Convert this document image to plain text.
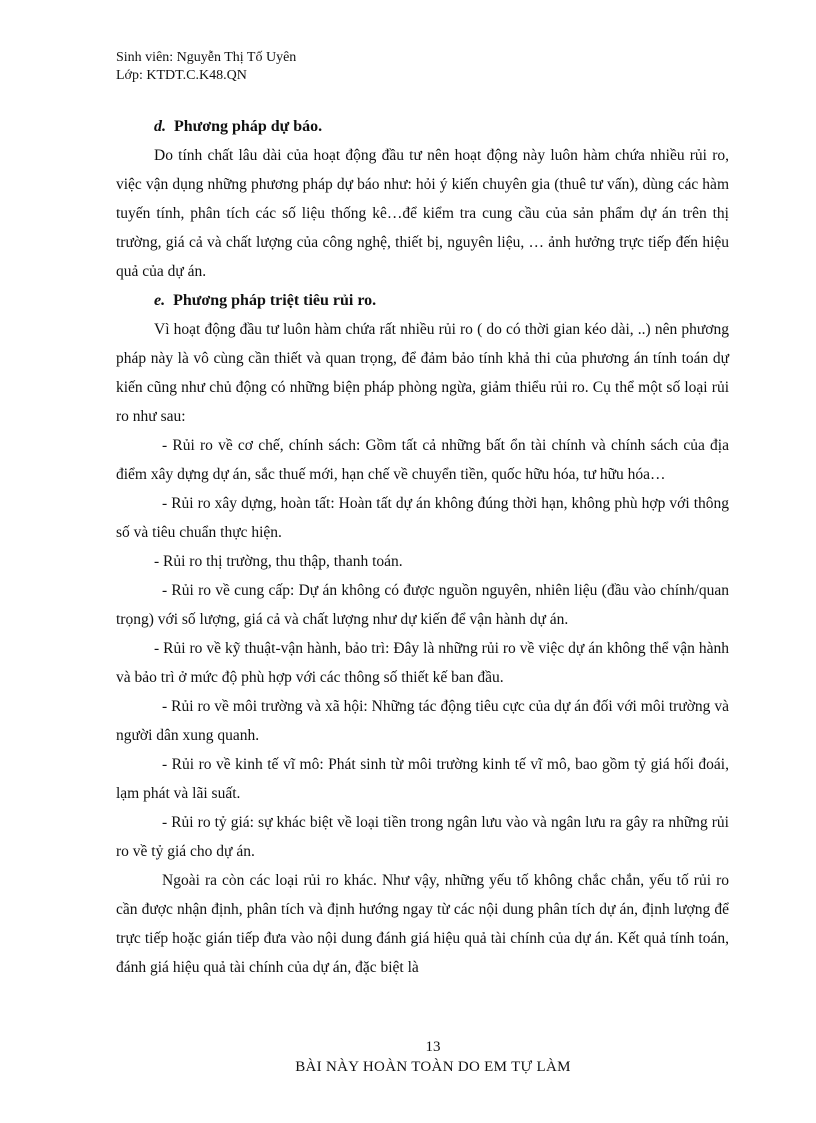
Sinh viên: Nguyễn Thị Tố Uyên
Lớp: KTDT.C.K48.QN
d. Phương pháp dự báo.

Do tính chất lâu dài của hoạt động đầu tư nên hoạt động này luôn hàm chứa nhiều rủi ro, việc vận dụng những phương pháp dự báo như: hỏi ý kiến chuyên gia (thuê tư vấn), dùng các hàm tuyến tính, phân tích các số liệu thống kê…để kiểm tra cung cầu của sản phẩm dự án trên thị trường, giá cả và chất lượng của công nghệ, thiết bị, nguyên liệu, … ảnh hưởng trực tiếp đến hiệu quả của dự án.

e. Phương pháp triệt tiêu rủi ro.

Vì hoạt động đầu tư luôn hàm chứa rất nhiều rủi ro ( do có thời gian kéo dài, ..) nên phương pháp này là vô cùng cần thiết và quan trọng, để đảm bảo tính khả thi của phương án tính toán dự kiến cũng như chủ động có những biện pháp phòng ngừa, giảm thiểu rủi ro. Cụ thể một số loại rủi ro như sau:

- Rủi ro về cơ chế, chính sách: Gồm tất cả những bất ổn tài chính và chính sách của địa điểm xây dựng dự án, sắc thuế mới, hạn chế về chuyển tiền, quốc hữu hóa, tư hữu hóa…

- Rủi ro xây dựng, hoàn tất: Hoàn tất dự án không đúng thời hạn, không phù hợp với thông số và tiêu chuẩn thực hiện.

- Rủi ro thị trường, thu thập, thanh toán.

- Rủi ro về cung cấp: Dự án không có được nguồn nguyên, nhiên liệu (đầu vào chính/quan trọng) với số lượng, giá cả và chất lượng như dự kiến để vận hành dự án.

- Rủi ro về kỹ thuật-vận hành, bảo trì: Đây là những rủi ro về việc dự án không thể vận hành và bảo trì ở mức độ phù hợp với các thông số thiết kế ban đầu.

- Rủi ro về môi trường và xã hội: Những tác động tiêu cực của dự án đối với môi trường và người dân xung quanh.

- Rủi ro về kinh tế vĩ mô: Phát sinh từ môi trường kinh tế vĩ mô, bao gồm tỷ giá hối đoái, lạm phát và lãi suất.

- Rủi ro tỷ giá: sự khác biệt về loại tiền trong ngân lưu vào và ngân lưu ra gây ra những rủi ro về tỷ giá cho dự án.

Ngoài ra còn các loại rủi ro khác. Như vậy, những yếu tố không chắc chắn, yếu tố rủi ro cần được nhận định, phân tích và định hướng ngay từ các nội dung phân tích dự án, định lượng để trực tiếp hoặc gián tiếp đưa vào nội dung đánh giá hiệu quả tài chính của dự án. Kết quả tính toán, đánh giá hiệu quả tài chính của dự án, đặc biệt là

13
BÀI NÀY HOÀN TOÀN DO EM TỰ LÀM
